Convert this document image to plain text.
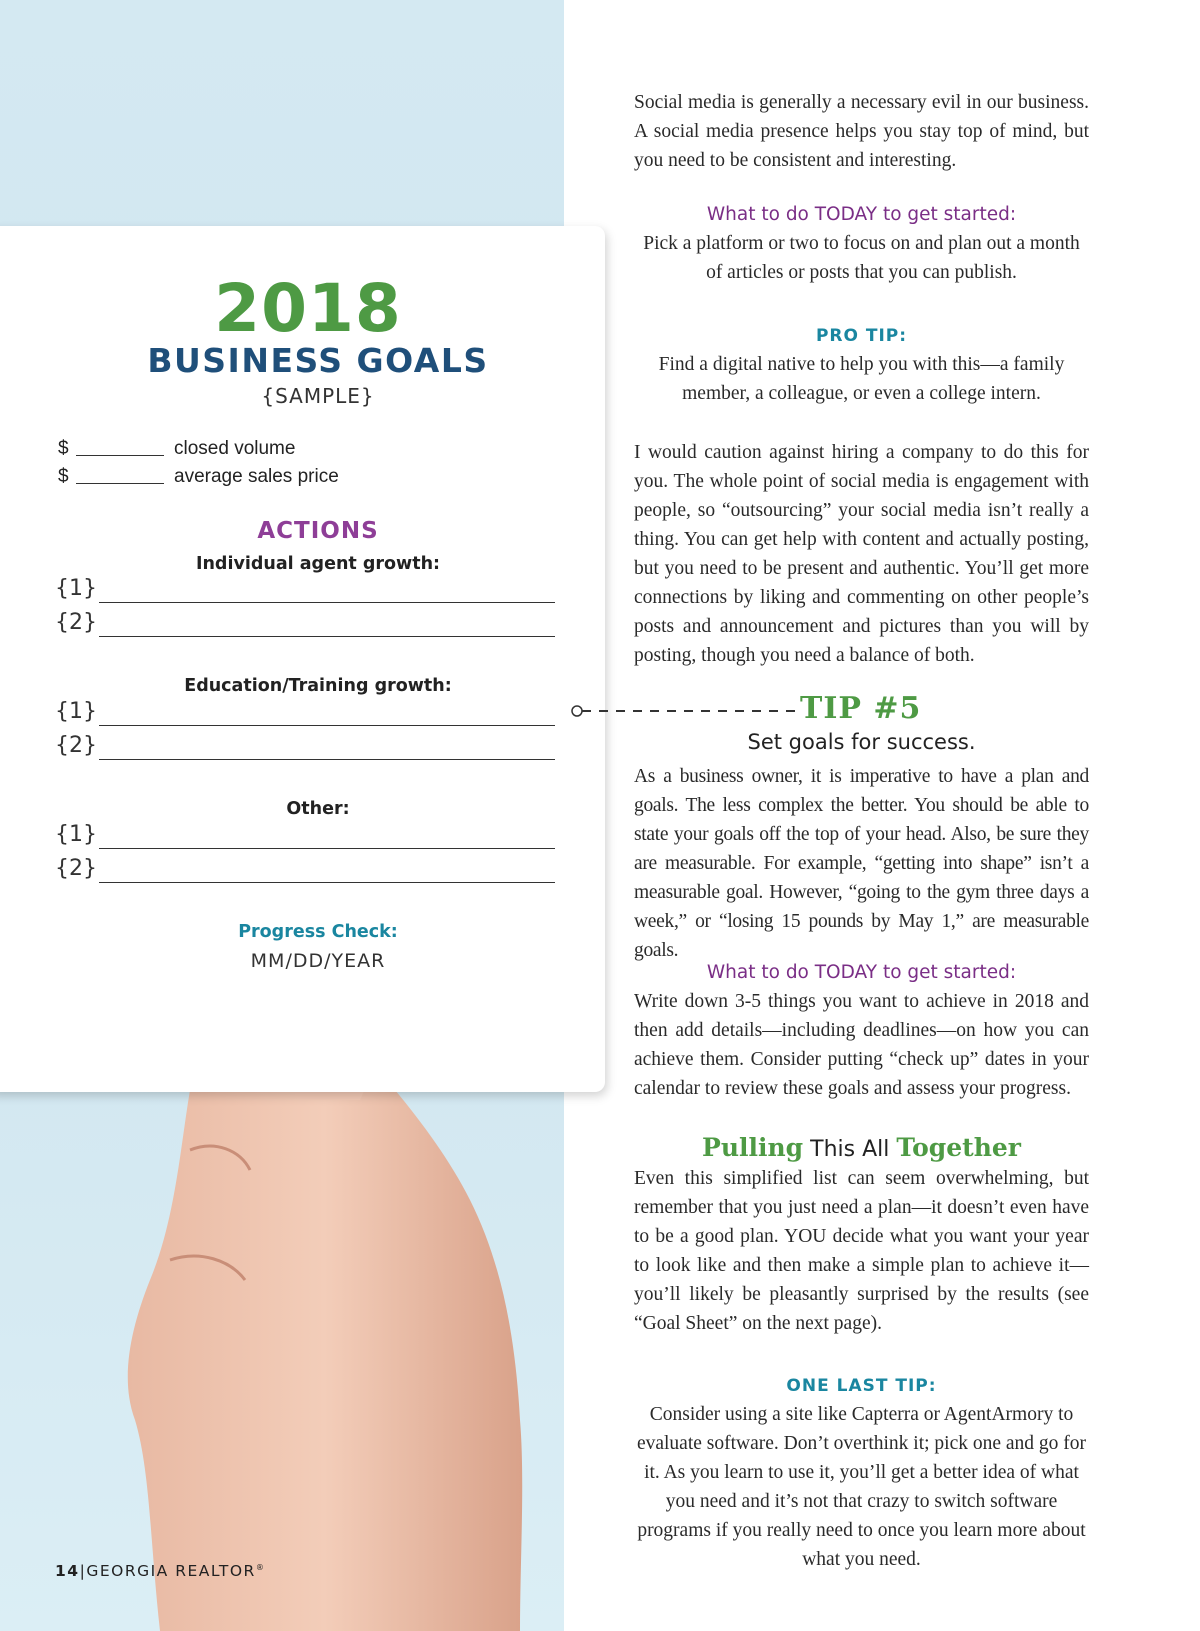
2018
BUSINESS GOALS
{SAMPLE}
$	closed volume
$	average sales price
ACTIONS
Individual agent growth:
{1}
{2}
Education/Training growth:
{1}
{2}
Other:
{1}
{2}
Progress Check:
MM/DD/YEAR
14|GEORGIA REALTOR®

Social media is generally a necessary evil in our business. A social media presence helps you stay top of mind, but you need to be consistent and interesting.

What to do TODAY to get started:

Pick a platform or two to focus on and plan out a month of articles or posts that you can publish.

PRO TIP:

Find a digital native to help you with this—a family member, a colleague, or even a college intern.

I would caution against hiring a company to do this for you. The whole point of social media is engagement with people, so “outsourcing” your social media isn’t really a thing. You can get help with content and actually posting, but you need to be present and authentic. You’ll get more connections by liking and commenting on other people’s posts and announcement and pictures than you will by posting, though you need a balance of both.

TIP #5
Set goals for success.

As a business owner, it is imperative to have a plan and goals. The less complex the better. You should be able to state your goals off the top of your head. Also, be sure they are measurable. For example, “getting into shape” isn’t a measurable goal. However, “going to the gym three days a week,” or “losing 15 pounds by May 1,” are measurable goals.

What to do TODAY to get started:

Write down 3-5 things you want to achieve in 2018 and then add details—including deadlines—on how you can achieve them. Consider putting “check up” dates in your calendar to review these goals and assess your progress.

Pulling This All Together

Even this simplified list can seem overwhelming, but remember that you just need a plan—it doesn’t even have to be a good plan. YOU decide what you want your year to look like and then make a simple plan to achieve it—you’ll likely be pleasantly surprised by the results (see “Goal Sheet” on the next page).

ONE LAST TIP:

Consider using a site like Capterra or AgentArmory to evaluate software. Don’t overthink it; pick one and go for it. As you learn to use it, you’ll get a better idea of what you need and it’s not that crazy to switch software programs if you really need to once you learn more about what you need.
